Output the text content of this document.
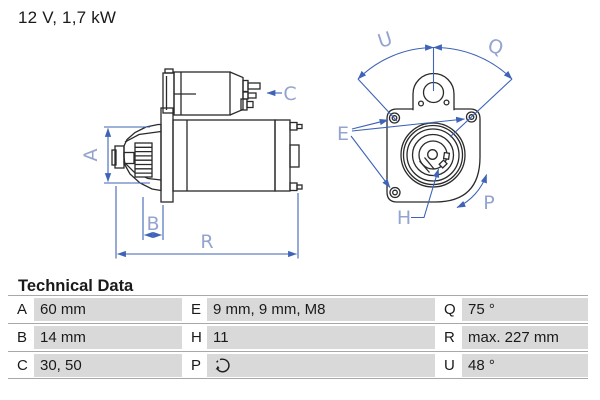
12 V, 1,7 kW
A
B
R
C
U	Q
E
H
P
Technical Data
A 60 mm	E 9 mm, 9 mm, M8	Q 75 °
B 14 mm	H 11	R max. 227 mm
C 30, 50	P	U 48 °
